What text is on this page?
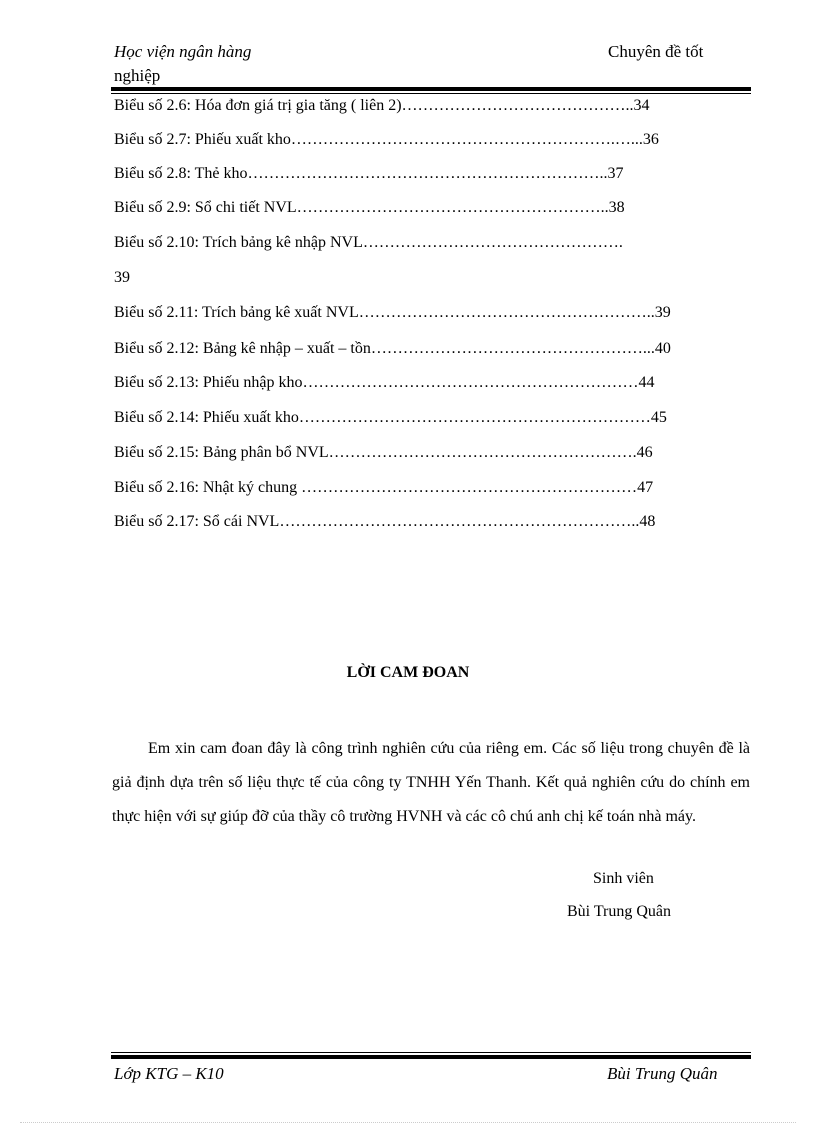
Học viện ngân hàng
nghiệp
Chuyên đề tốt
Biểu số 2.6: Hóa đơn giá trị gia tăng ( liên 2)……………………………………..34
Biểu số 2.7: Phiếu xuất kho…………………………………………………….…...36
Biểu số 2.8: Thẻ kho…………………………………………………………..37
Biểu số 2.9: Sổ chi tiết NVL…………………………………………………..38
Biểu số 2.10: Trích bảng kê nhập NVL………………………………………….
39
Biểu số 2.11: Trích bảng kê xuất NVL………………………………………………..39
Biểu số 2.12: Bảng kê nhập – xuất – tồn……………………………………………...40
Biểu số 2.13: Phiếu nhập kho………………………………………………………44
Biểu số 2.14: Phiếu xuất kho…………………………………………………………45
Biểu số 2.15: Bảng phân bổ NVL………………………………………………….46
Biểu số 2.16: Nhật ký chung ………………………………………………………47
Biểu số 2.17: Sổ cái NVL…………………………………………………………..48
LỜI CAM ĐOAN
Em xin cam đoan đây là công trình nghiên cứu của riêng em. Các số liệu trong chuyên đề là giả định dựa trên số liệu thực tế của công ty TNHH Yến Thanh. Kết quả nghiên cứu do chính em thực hiện với sự giúp đỡ của thầy cô trường HVNH và các cô chú anh chị kế toán nhà máy.
Sinh viên
Bùi Trung Quân
Lớp KTG – K10	Bùi Trung Quân
